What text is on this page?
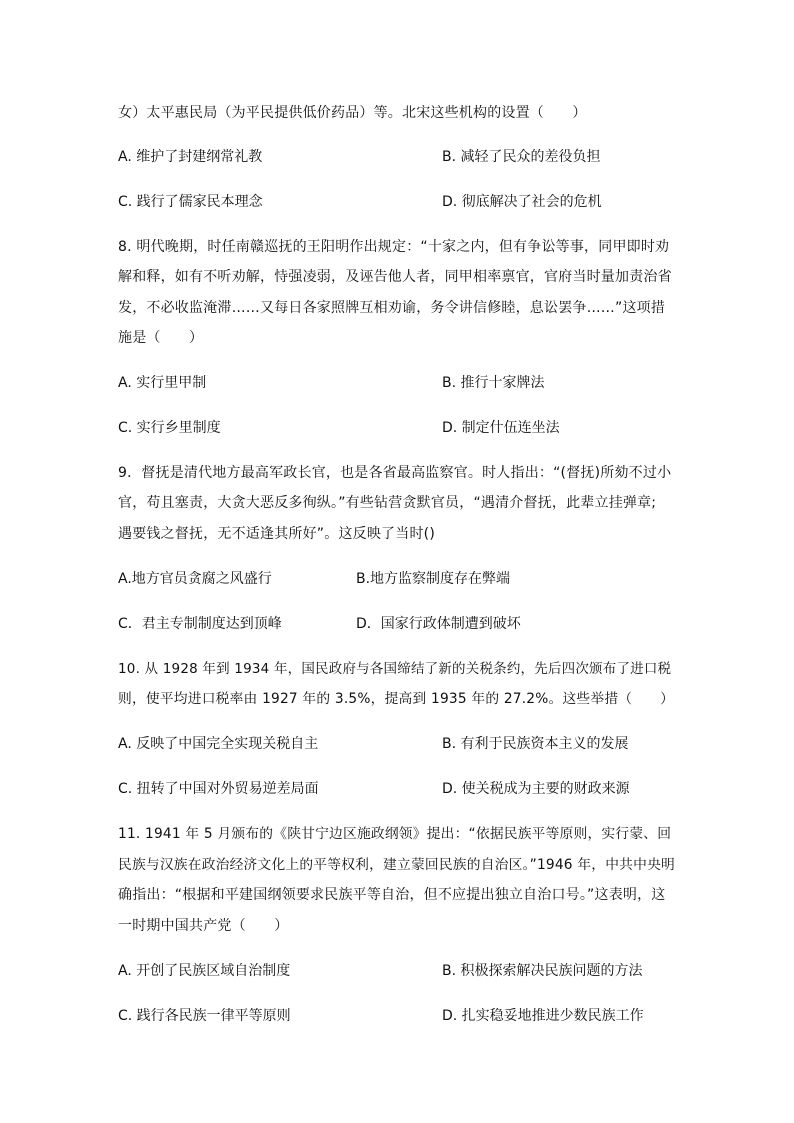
女）太平惠民局（为平民提供低价药品）等。北宋这些机构的设置（　　）
A. 维护了封建纲常礼教	B. 减轻了民众的差役负担
C. 践行了儒家民本理念	D. 彻底解决了社会的危机
8. 明代晚期，时任南赣巡抚的王阳明作出规定：“十家之内，但有争讼等事，同甲即时劝
解和释，如有不听劝解，恃强凌弱，及诬告他人者，同甲相率禀官，官府当时量加责治省
发，不必收监淹滞……又每日各家照牌互相劝谕，务令讲信修睦，息讼罢争……”这项措
施是（　　）
A. 实行里甲制	B. 推行十家牌法
C. 实行乡里制度	D. 制定什伍连坐法
9．督抚是清代地方最高军政长官，也是各省最高监察官。时人指出：“(督抚)所劾不过小
官，苟且塞责，大贪大恶反多徇纵。”有些钻营贪默官员，“遇清介督抚，此辈立挂弹章;
遇要钱之督抚，无不适逢其所好”。这反映了当时()
A.地方官员贪腐之风盛行	B.地方监察制度存在弊端
C．君主专制制度达到顶峰	D．国家行政体制遭到破坏
10. 从 1928 年到 1934 年，国民政府与各国缔结了新的关税条约，先后四次颁布了进口税
则，使平均进口税率由 1927 年的 3.5%，提高到 1935 年的 27.2%。这些举措（　　）
A. 反映了中国完全实现关税自主	B. 有利于民族资本主义的发展
C. 扭转了中国对外贸易逆差局面	D. 使关税成为主要的财政来源
11. 1941 年 5 月颁布的《陕甘宁边区施政纲领》提出：“依据民族平等原则，实行蒙、回
民族与汉族在政治经济文化上的平等权利，建立蒙回民族的自治区。”1946 年，中共中央明
确指出：“根据和平建国纲领要求民族平等自治，但不应提出独立自治口号。”这表明，这
一时期中国共产党（　　）
A. 开创了民族区域自治制度	B. 积极探索解决民族问题的方法
C. 践行各民族一律平等原则	D. 扎实稳妥地推进少数民族工作
